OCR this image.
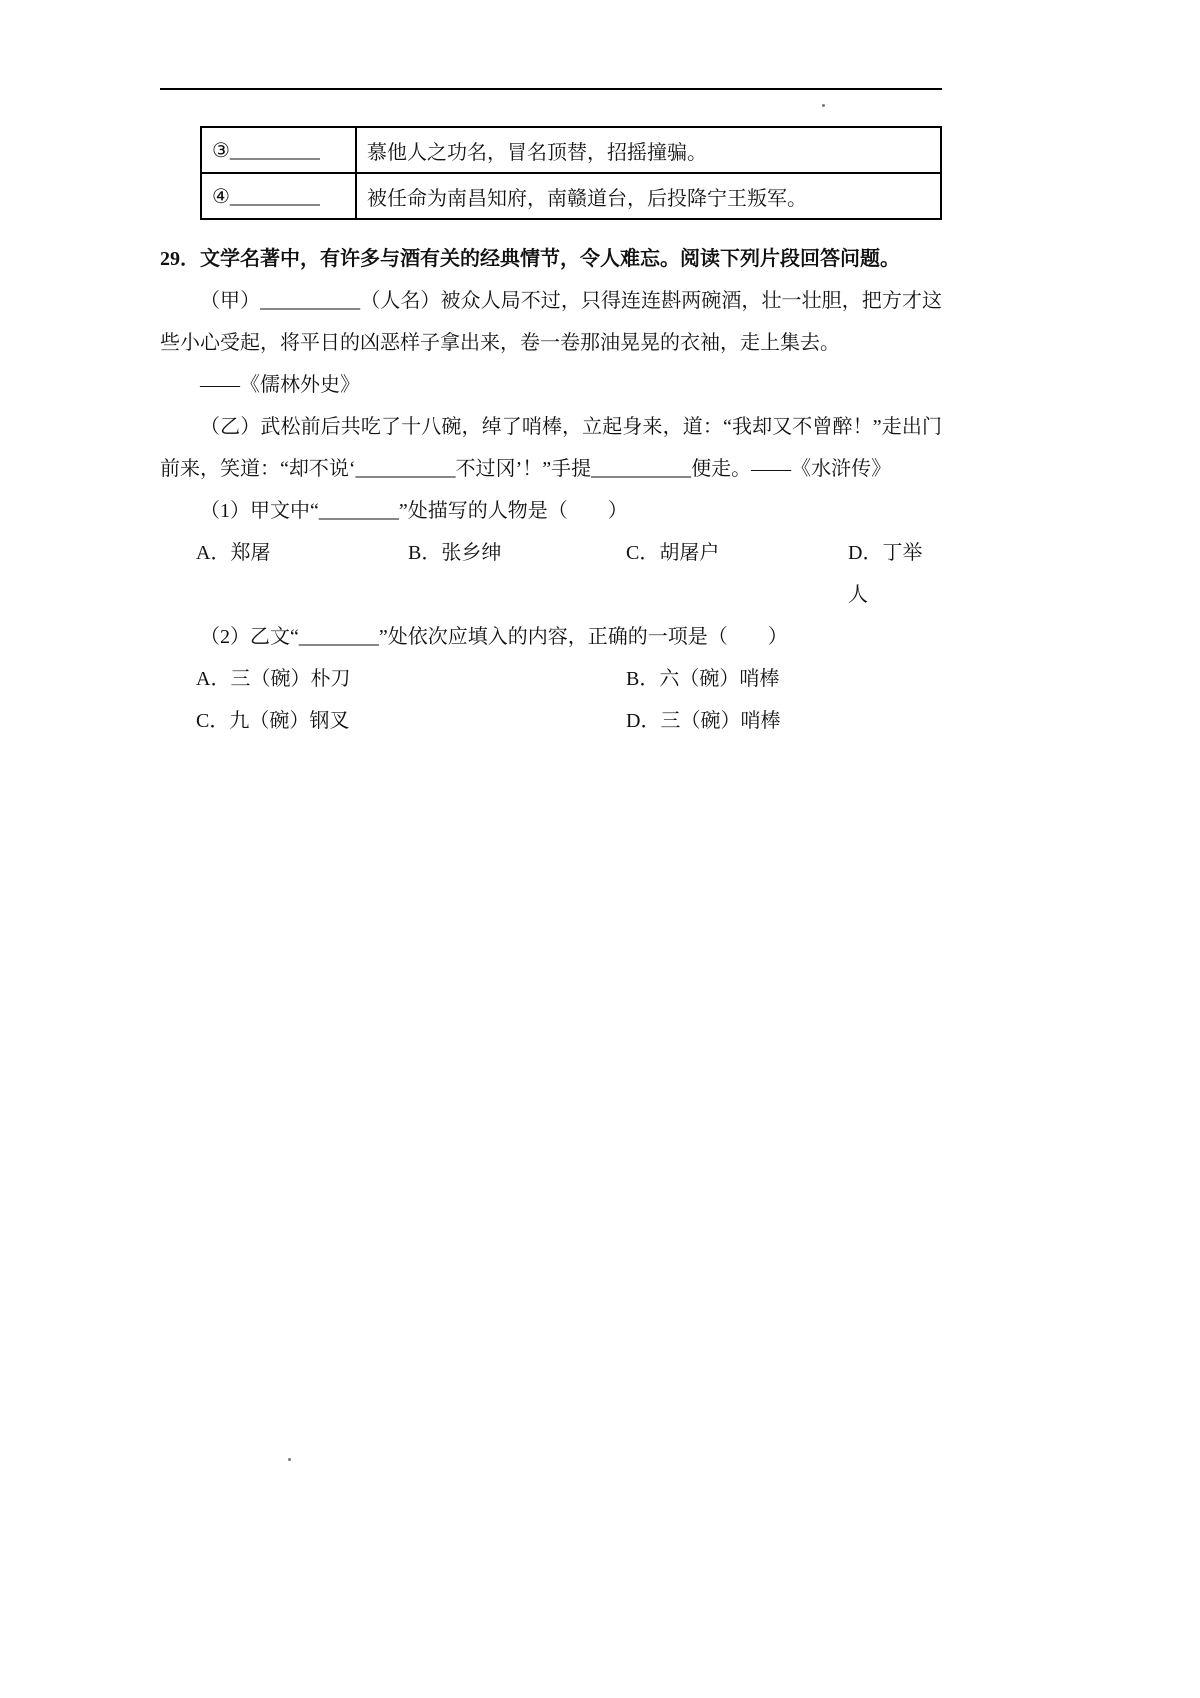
③_________	慕他人之功名，冒名顶替，招摇撞骗。
④_________	被任命为南昌知府，南赣道台，后投降宁王叛军。
29．文学名著中，有许多与酒有关的经典情节，令人难忘。阅读下列片段回答问题。
（甲）__________（人名）被众人局不过，只得连连斟两碗酒，壮一壮胆，把方才这些小心受起，将平日的凶恶样子拿出来，卷一卷那油晃晃的衣袖，走上集去。
——《儒林外史》
（乙）武松前后共吃了十八碗，绰了哨棒，立起身来，道：“我却又不曾醉！”走出门前来，笑道：“却不说‘__________不过冈’！”手提__________便走。——《水浒传》
（1）甲文中“________”处描写的人物是（　　）
A．郑屠	B．张乡绅	C．胡屠户	D．丁举人
（2）乙文“________”处依次应填入的内容，正确的一项是（　　）
A．三（碗）朴刀	B．六（碗）哨棒
C．九（碗）钢叉	D．三（碗）哨棒
